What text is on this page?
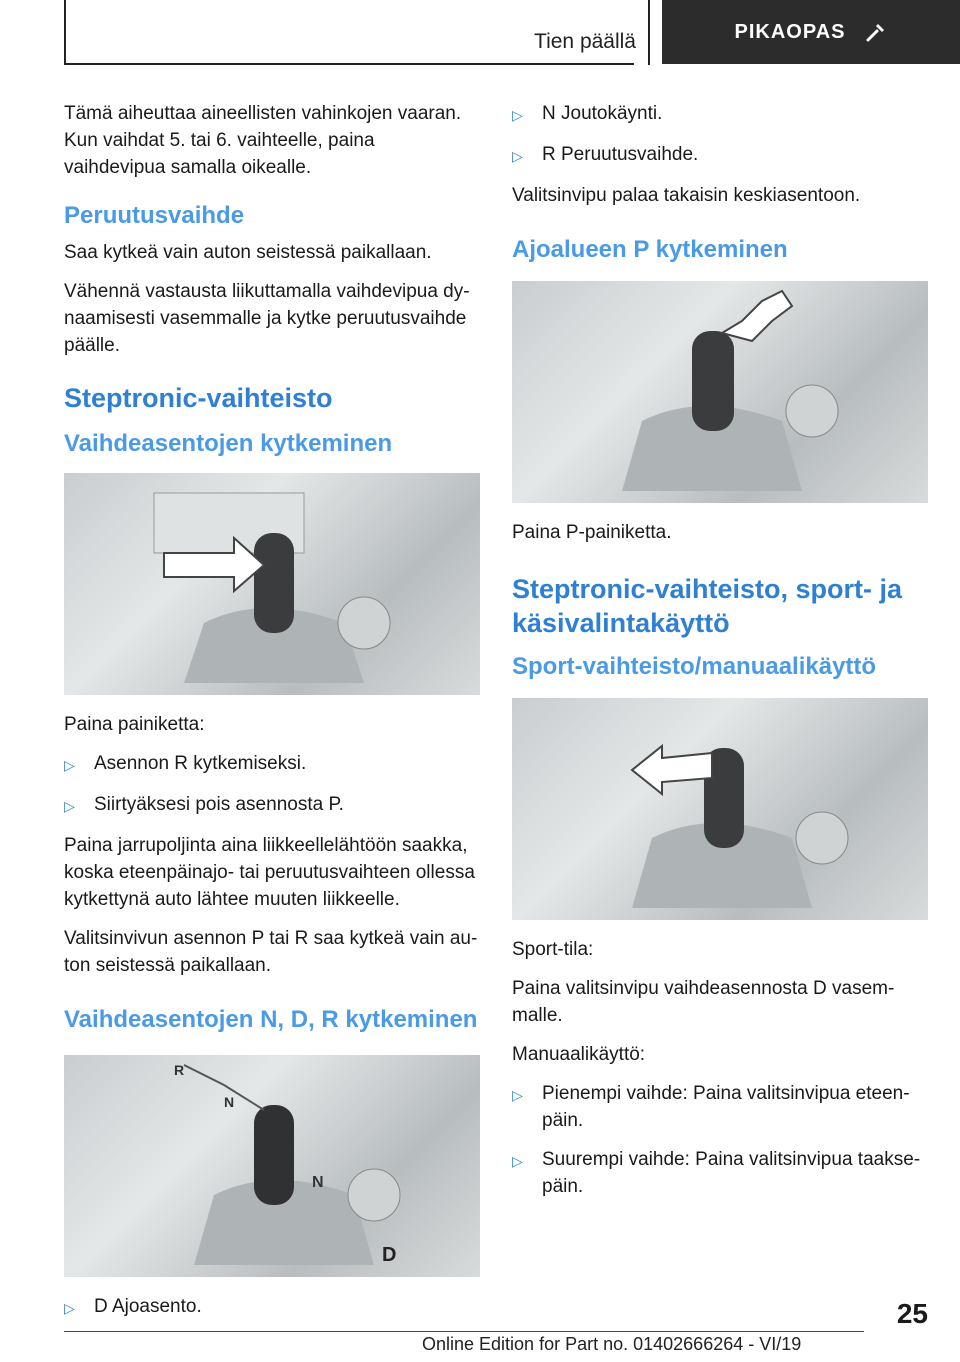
Tien päällä	PIKAOPAS

Tämä aiheuttaa aineellisten vahinkojen vaaran. Kun vaihdat 5. tai 6. vaihteelle, paina vaihdevipua samalla oikealle.

Peruutusvaihde

Saa kytkeä vain auton seistessä paikallaan.

Vähennä vastausta liikuttamalla vaihdevipua dynaamisesti vasemmalle ja kytke peruutusvaihde päälle.

Steptronic-vaihteisto
Vaihdeasentojen kytkeminen

Paina painiketta:

▷	Asennon R kytkemiseksi.
▷	Siirtyäksesi pois asennosta P.

Paina jarrupoljinta aina liikkeellelähtöön saakka, koska eteenpäinajo- tai peruutusvaihteen ollessa kytkettynä auto lähtee muuten liikkeelle.

Valitsinvivun asennon P tai R saa kytkeä vain auton seistessä paikallaan.

Vaihdeasentojen N, D, R kytkeminen
R
N
N
D
▷	D Ajoasento.
▷	N Joutokäynti.
▷	R Peruutusvaihde.

Valitsinvipu palaa takaisin keskiasentoon.

Ajoalueen P kytkeminen

Paina P-painiketta.

Steptronic-vaihteisto, sport- ja käsivalintakäyttö
Sport-vaihteisto/manuaalikäyttö

Sport-tila:

Paina valitsinvipu vaihdeasennosta D vasemmalle.

Manuaalikäyttö:

▷	Pienempi vaihde: Paina valitsinvipua eteenpäin.
▷	Suurempi vaihde: Paina valitsinvipua taaksepäin.
25
Online Edition for Part no. 01402666264 - VI/19
